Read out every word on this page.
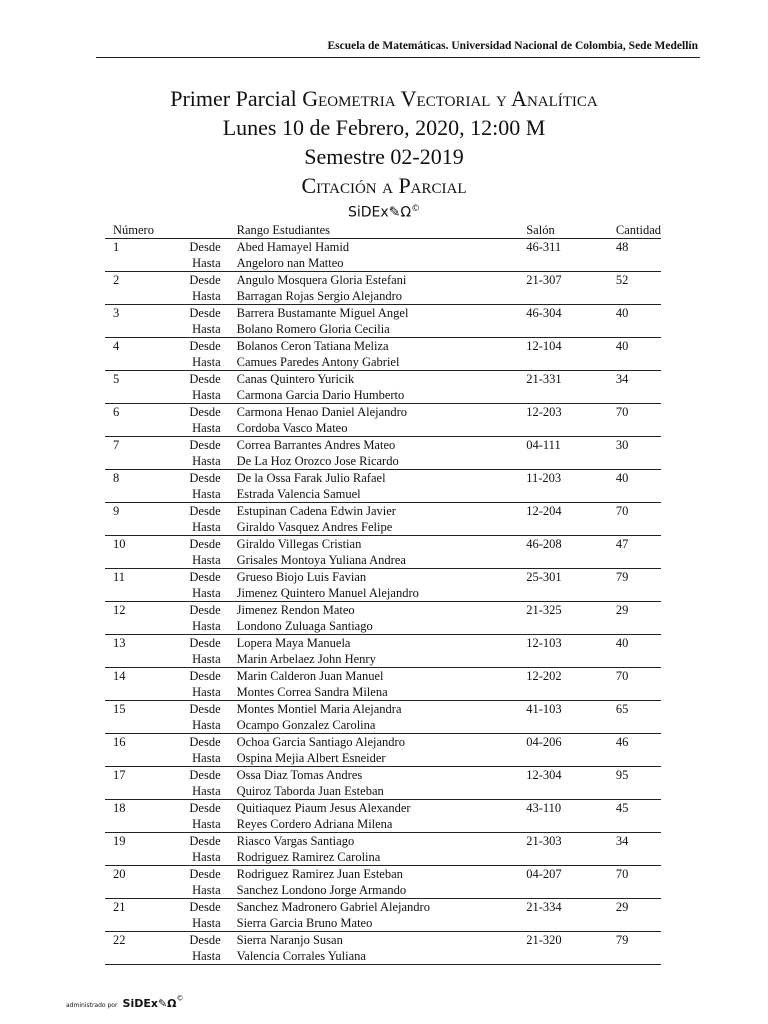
Escuela de Matemáticas. Universidad Nacional de Colombia, Sede Medellín
Primer Parcial Geometria Vectorial y Analítica
Lunes 10 de Febrero, 2020, 12:00 M
Semestre 02-2019
Citación a Parcial
SiDEx✎Ω©
Número		Rango Estudiantes	Salón	Cantidad
1	Desde	Abed Hamayel Hamid	46-311	48
	Hasta	Angeloro nan Matteo		
2	Desde	Angulo Mosquera Gloria Estefani	21-307	52
	Hasta	Barragan Rojas Sergio Alejandro		
3	Desde	Barrera Bustamante Miguel Angel	46-304	40
	Hasta	Bolano Romero Gloria Cecilia		
4	Desde	Bolanos Ceron Tatiana Meliza	12-104	40
	Hasta	Camues Paredes Antony Gabriel		
5	Desde	Canas Quintero Yuricik	21-331	34
	Hasta	Carmona Garcia Dario Humberto		
6	Desde	Carmona Henao Daniel Alejandro	12-203	70
	Hasta	Cordoba Vasco Mateo		
7	Desde	Correa Barrantes Andres Mateo	04-111	30
	Hasta	De La Hoz Orozco Jose Ricardo		
8	Desde	De la Ossa Farak Julio Rafael	11-203	40
	Hasta	Estrada Valencia Samuel		
9	Desde	Estupinan Cadena Edwin Javier	12-204	70
	Hasta	Giraldo Vasquez Andres Felipe		
10	Desde	Giraldo Villegas Cristian	46-208	47
	Hasta	Grisales Montoya Yuliana Andrea		
11	Desde	Grueso Biojo Luis Favian	25-301	79
	Hasta	Jimenez Quintero Manuel Alejandro		
12	Desde	Jimenez Rendon Mateo	21-325	29
	Hasta	Londono Zuluaga Santiago		
13	Desde	Lopera Maya Manuela	12-103	40
	Hasta	Marin Arbelaez John Henry		
14	Desde	Marin Calderon Juan Manuel	12-202	70
	Hasta	Montes Correa Sandra Milena		
15	Desde	Montes Montiel Maria Alejandra	41-103	65
	Hasta	Ocampo Gonzalez Carolina		
16	Desde	Ochoa Garcia Santiago Alejandro	04-206	46
	Hasta	Ospina Mejia Albert Esneider		
17	Desde	Ossa Diaz Tomas Andres	12-304	95
	Hasta	Quiroz Taborda Juan Esteban		
18	Desde	Quitiaquez Piaum Jesus Alexander	43-110	45
	Hasta	Reyes Cordero Adriana Milena		
19	Desde	Riasco Vargas Santiago	21-303	34
	Hasta	Rodriguez Ramirez Carolina		
20	Desde	Rodriguez Ramirez Juan Esteban	04-207	70
	Hasta	Sanchez Londono Jorge Armando		
21	Desde	Sanchez Madronero Gabriel Alejandro	21-334	29
	Hasta	Sierra Garcia Bruno Mateo		
22	Desde	Sierra Naranjo Susan	21-320	79
	Hasta	Valencia Corrales Yuliana		
administrado por SiDEx✎Ω©
